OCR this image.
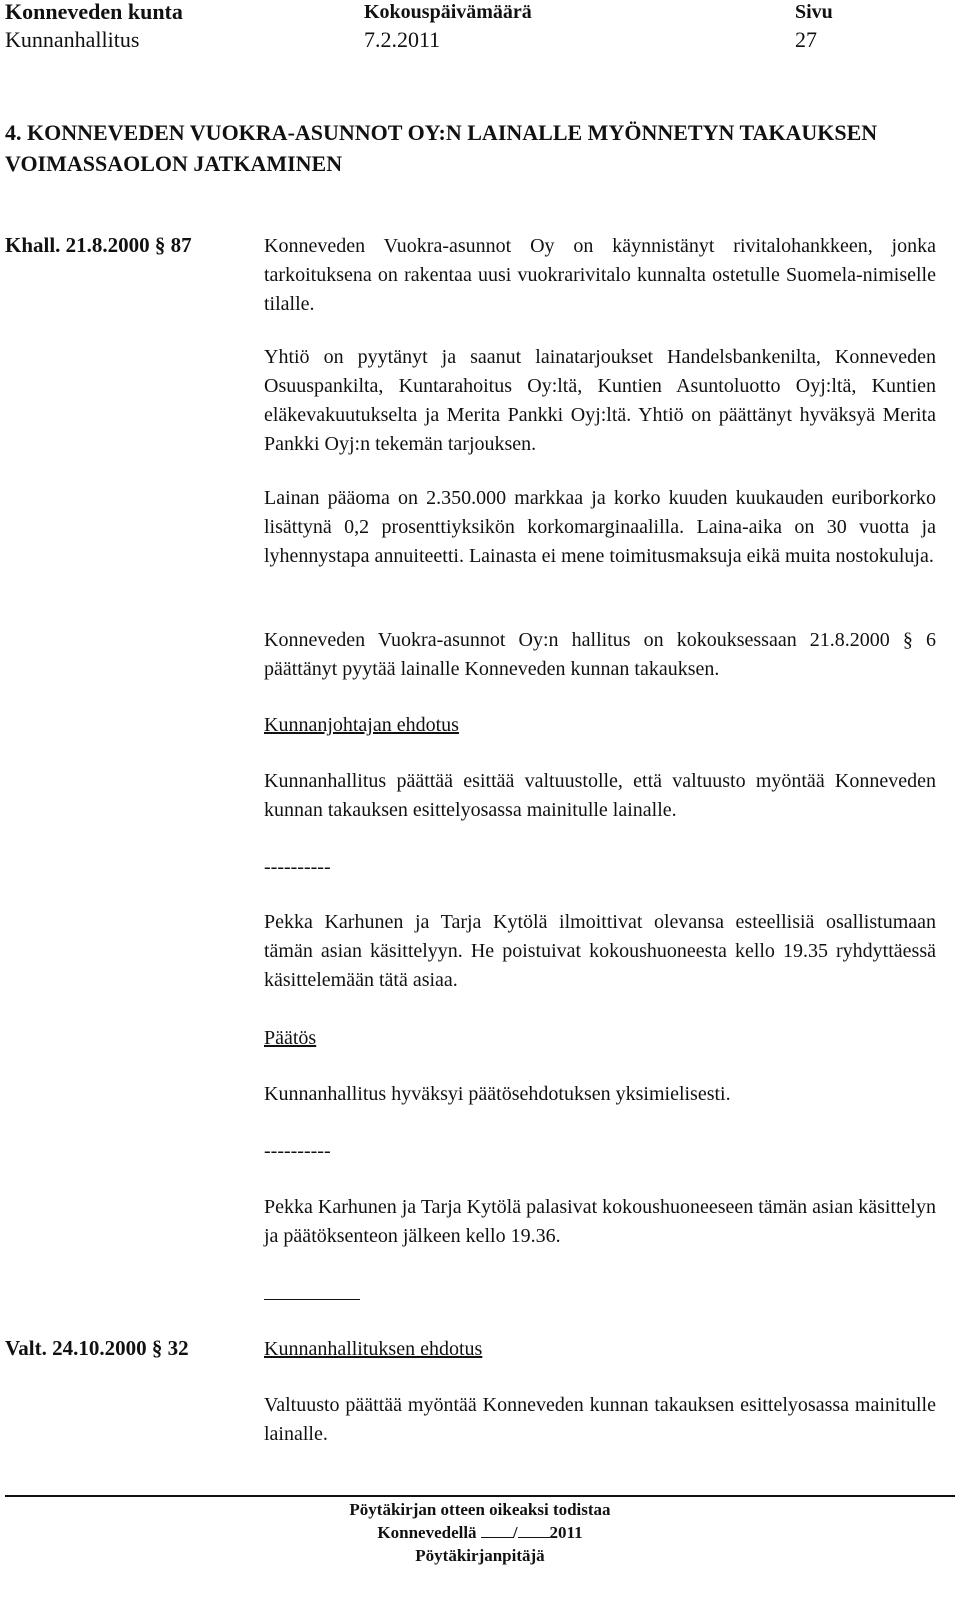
Konneveden kunta
Kunnanhallitus
Kokouspäivämäärä
7.2.2011
Sivu
27
4. KONNEVEDEN VUOKRA-ASUNNOT OY:N LAINALLE MYÖNNETYN TAKAUKSEN VOIMASSAOLON JATKAMINEN
Khall. 21.8.2000 § 87	Konneveden Vuokra-asunnot Oy on käynnistänyt rivitalohankkeen, jonka tarkoituksena on rakentaa uusi vuokrarivitalo kunnalta ostetulle Suomela-nimiselle tilalle.

Yhtiö on pyytänyt ja saanut lainatarjoukset Handelsbankenilta, Konneveden Osuuspankilta, Kuntarahoitus Oy:ltä, Kuntien Asuntoluotto Oyj:ltä, Kuntien eläkevakuutukselta ja Merita Pankki Oyj:ltä. Yhtiö on päättänyt hyväksyä Merita Pankki Oyj:n tekemän tarjouksen.

Lainan pääoma on 2.350.000 markkaa ja korko kuuden kuukauden euriborkorko lisättynä 0,2 prosenttiyksikön korkomarginaalilla. Laina-aika on 30 vuotta ja lyhennystapa annuiteetti. Lainasta ei mene toimitusmaksuja eikä muita nostokuluja.

Konneveden Vuokra-asunnot Oy:n hallitus on kokouksessaan 21.8.2000 § 6 päättänyt pyytää lainalle Konneveden kunnan takauksen.

Kunnanjohtajan ehdotus
Kunnanhallitus päättää esittää valtuustolle, että valtuusto myöntää Konneveden kunnan takauksen esittelyosassa mainitulle lainalle.
----------
Pekka Karhunen ja Tarja Kytölä ilmoittivat olevansa esteellisiä osallistumaan tämän asian käsittelyyn. He poistuivat kokoushuoneesta kello 19.35 ryhdyttäessä käsittelemään tätä asiaa.
Päätös
Kunnanhallitus hyväksyi päätösehdotuksen yksimielisesti.
----------
Pekka Karhunen ja Tarja Kytölä palasivat kokoushuoneeseen tämän asian käsittelyn ja päätöksenteon jälkeen kello 19.36.
Valt. 24.10.2000 § 32	Kunnanhallituksen ehdotus
Valtuusto päättää myöntää Konneveden kunnan takauksen esittelyosassa mainitulle lainalle.
Pöytäkirjan otteen oikeaksi todistaa
Konnevedellä / 2011
Pöytäkirjanpitäjä
